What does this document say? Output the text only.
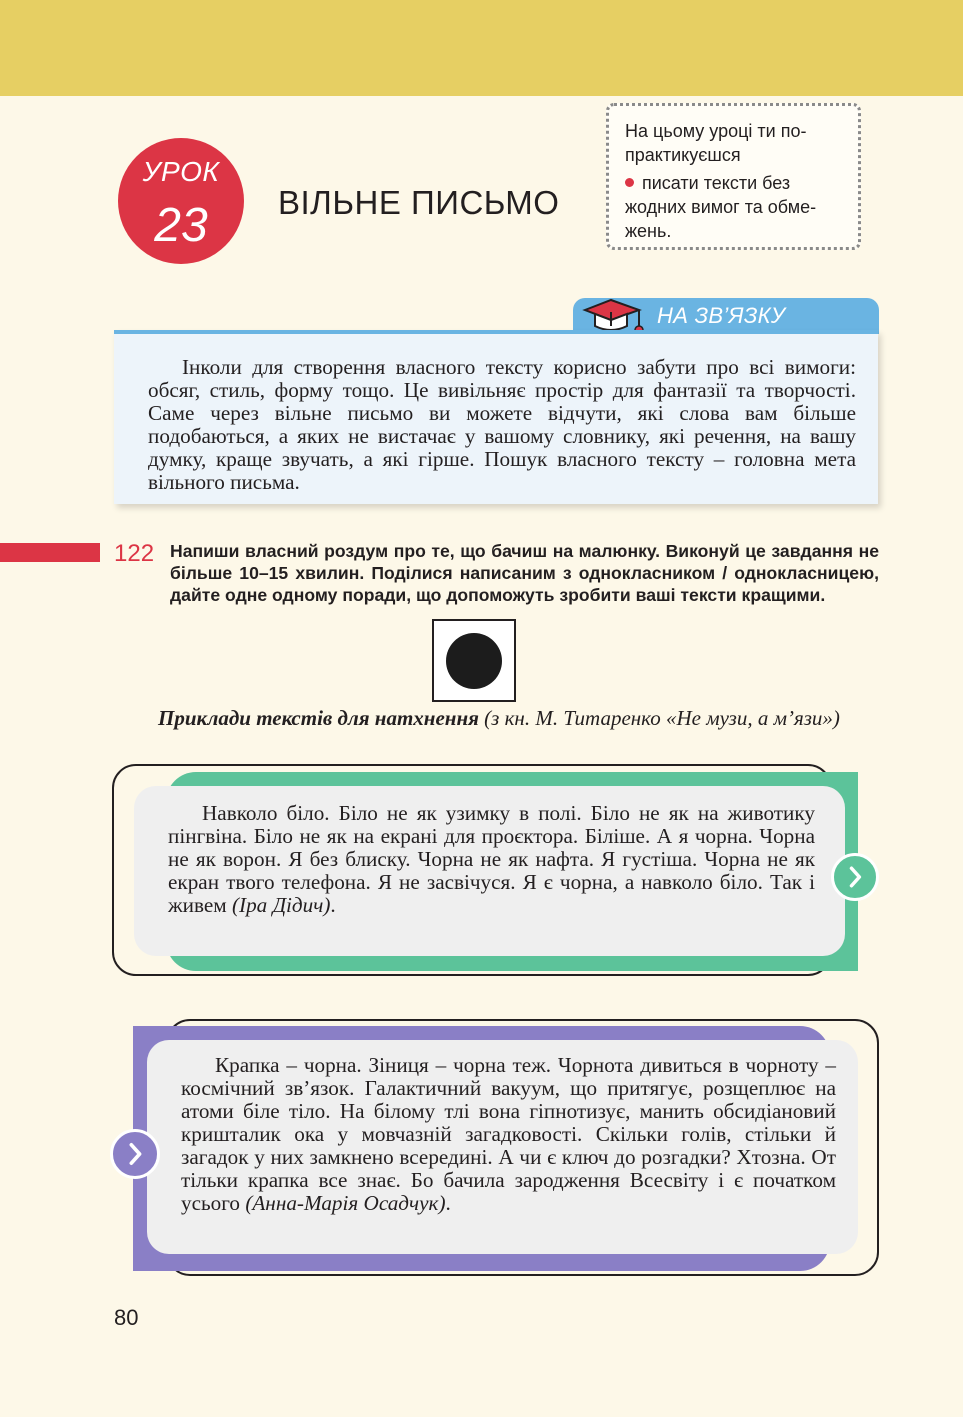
УРОК
23	ВІЛЬНЕ ПИСЬМО
На цьому уроці ти по-практикуєшся
писати тексти без жодних вимог та обме-жень.
НА ЗВ’ЯЗКУ

Інколи для створення власного тексту корисно забути про всі вимоги: обсяг, стиль, форму тощо. Це вивільняє простір для фантазії та творчості. Саме через вільне письмо ви можете відчути, які слова вам більше подобаються, а яких не вистачає у вашому словнику, які речення, на вашу думку, краще звучать, а які гірше. Пошук власного тексту – головна мета вільного письма.

122 Напиши власний роздум про те, що бачиш на малюнку. Виконуй це завдання не більше 10–15 хвилин. Поділися написаним з однокласником / однокласницею, дайте одне одному поради, що допоможуть зробити ваші тексти кращими.
Приклади текстів для натхнення (з кн. М. Титаренко «Не музи, а м’язи»)

Навколо біло. Біло не як узимку в полі. Біло не як на животику пінгвіна. Біло не як на екрані для проєктора. Біліше. А я чорна. Чорна не як ворон. Я без блиску. Чорна не як нафта. Я густіша. Чорна не як екран твого телефона. Я не засвічуся. Я є чорна, а навколо біло. Так і живем (Іра Дідич).

Крапка – чорна. Зіниця – чорна теж. Чорнота дивиться в чорноту – космічний зв’язок. Галактичний вакуум, що притягує, розщеплює на атоми біле тіло. На білому тлі вона гіпнотизує, манить обсидіановий кришталик ока у мовчазній загадковості. Скільки голів, стільки й загадок у них замкнено всередині. А чи є ключ до розгадки? Хтозна. От тільки крапка все знає. Бо бачила зародження Всесвіту і є початком усього (Анна-Марія Осадчук).

80
